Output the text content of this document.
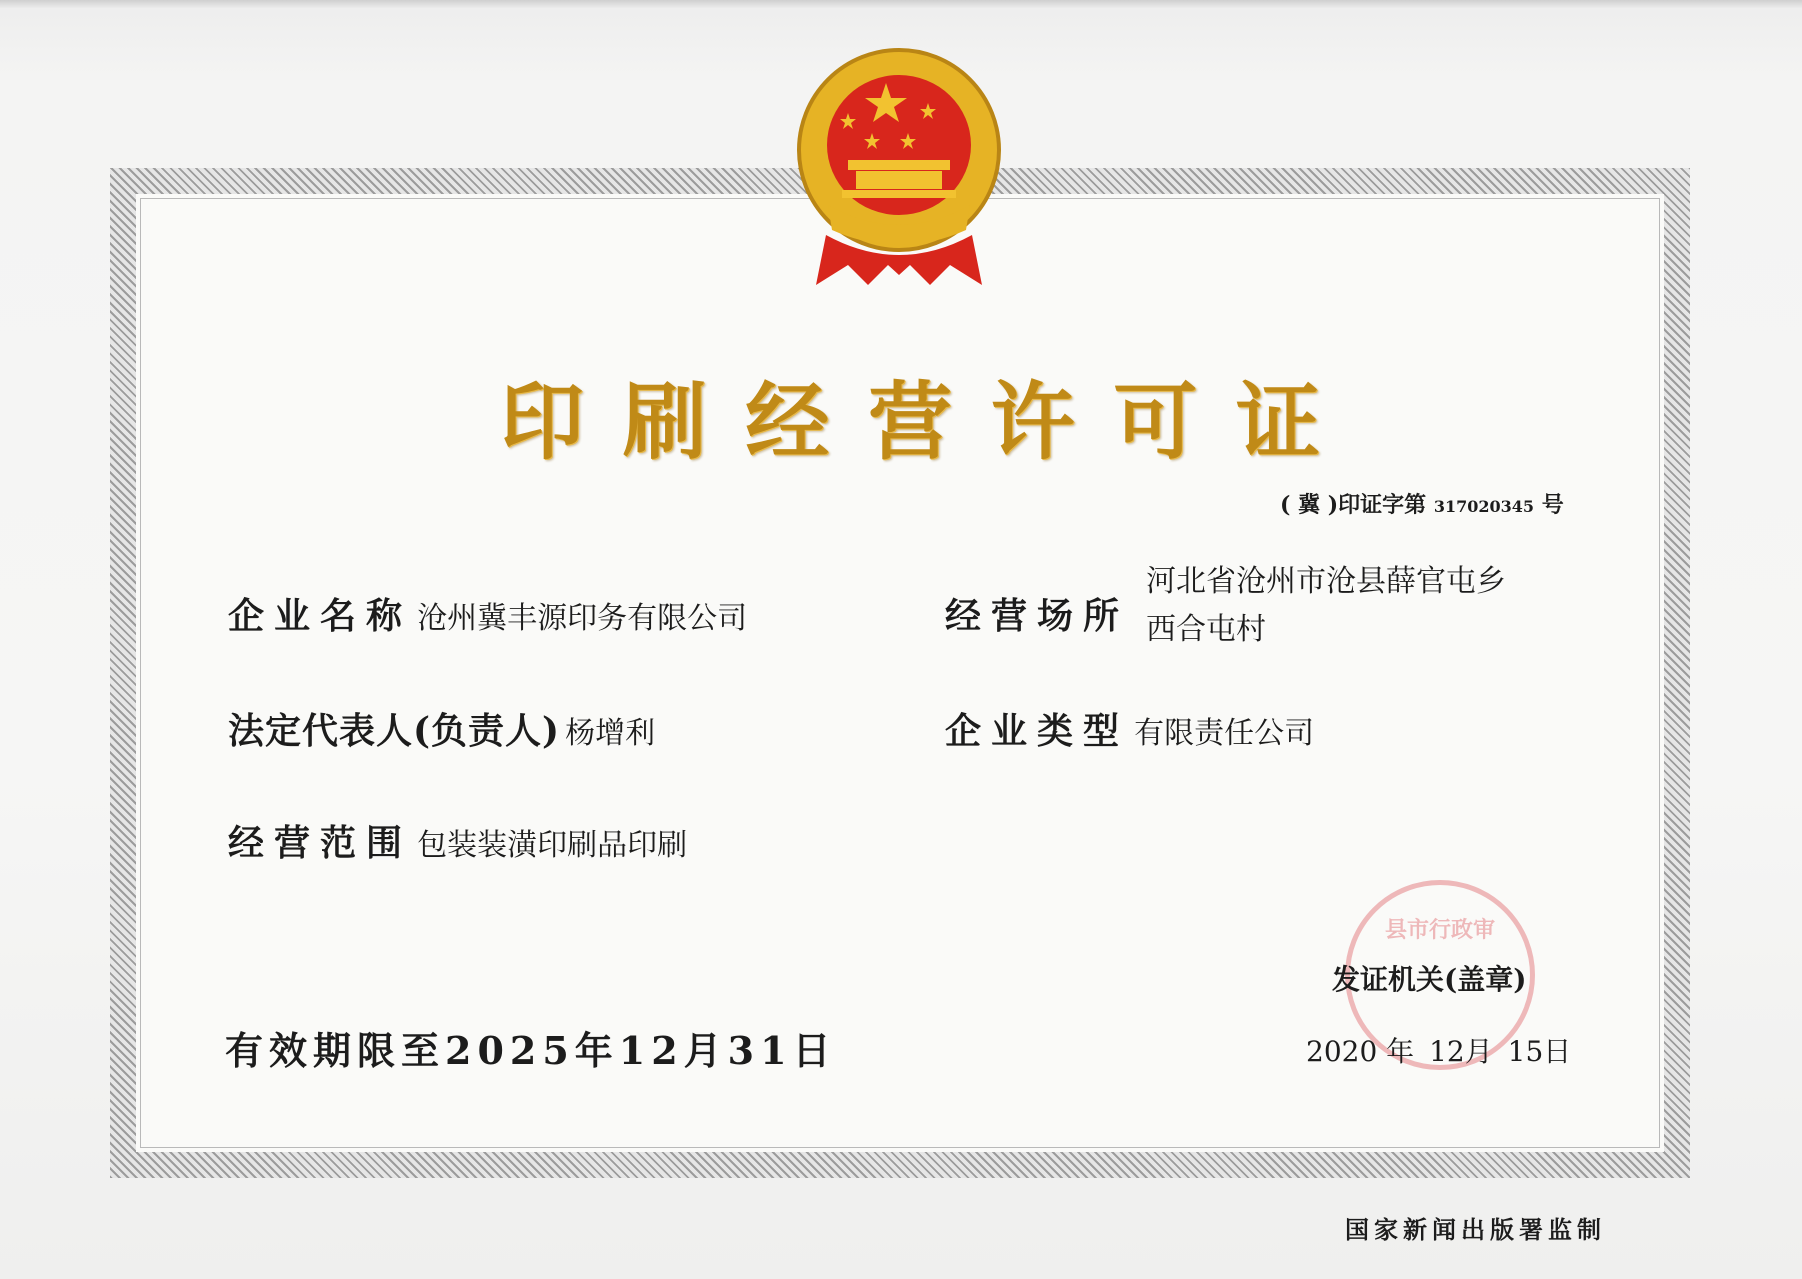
印 刷 经 营 许 可 证
( 冀 )印证字第 317020345 号
企业名称 沧州冀丰源印务有限公司	经营场所
河北省沧州市沧县薛官屯乡
西合屯村
法定代表人(负责人) 杨增利	企业类型 有限责任公司
经营范围 包装装潢印刷品印刷
县市行政审
发证机关(盖章)
2020 年 12月 15日
有效期限至2025年12月31日
国家新闻出版署监制
